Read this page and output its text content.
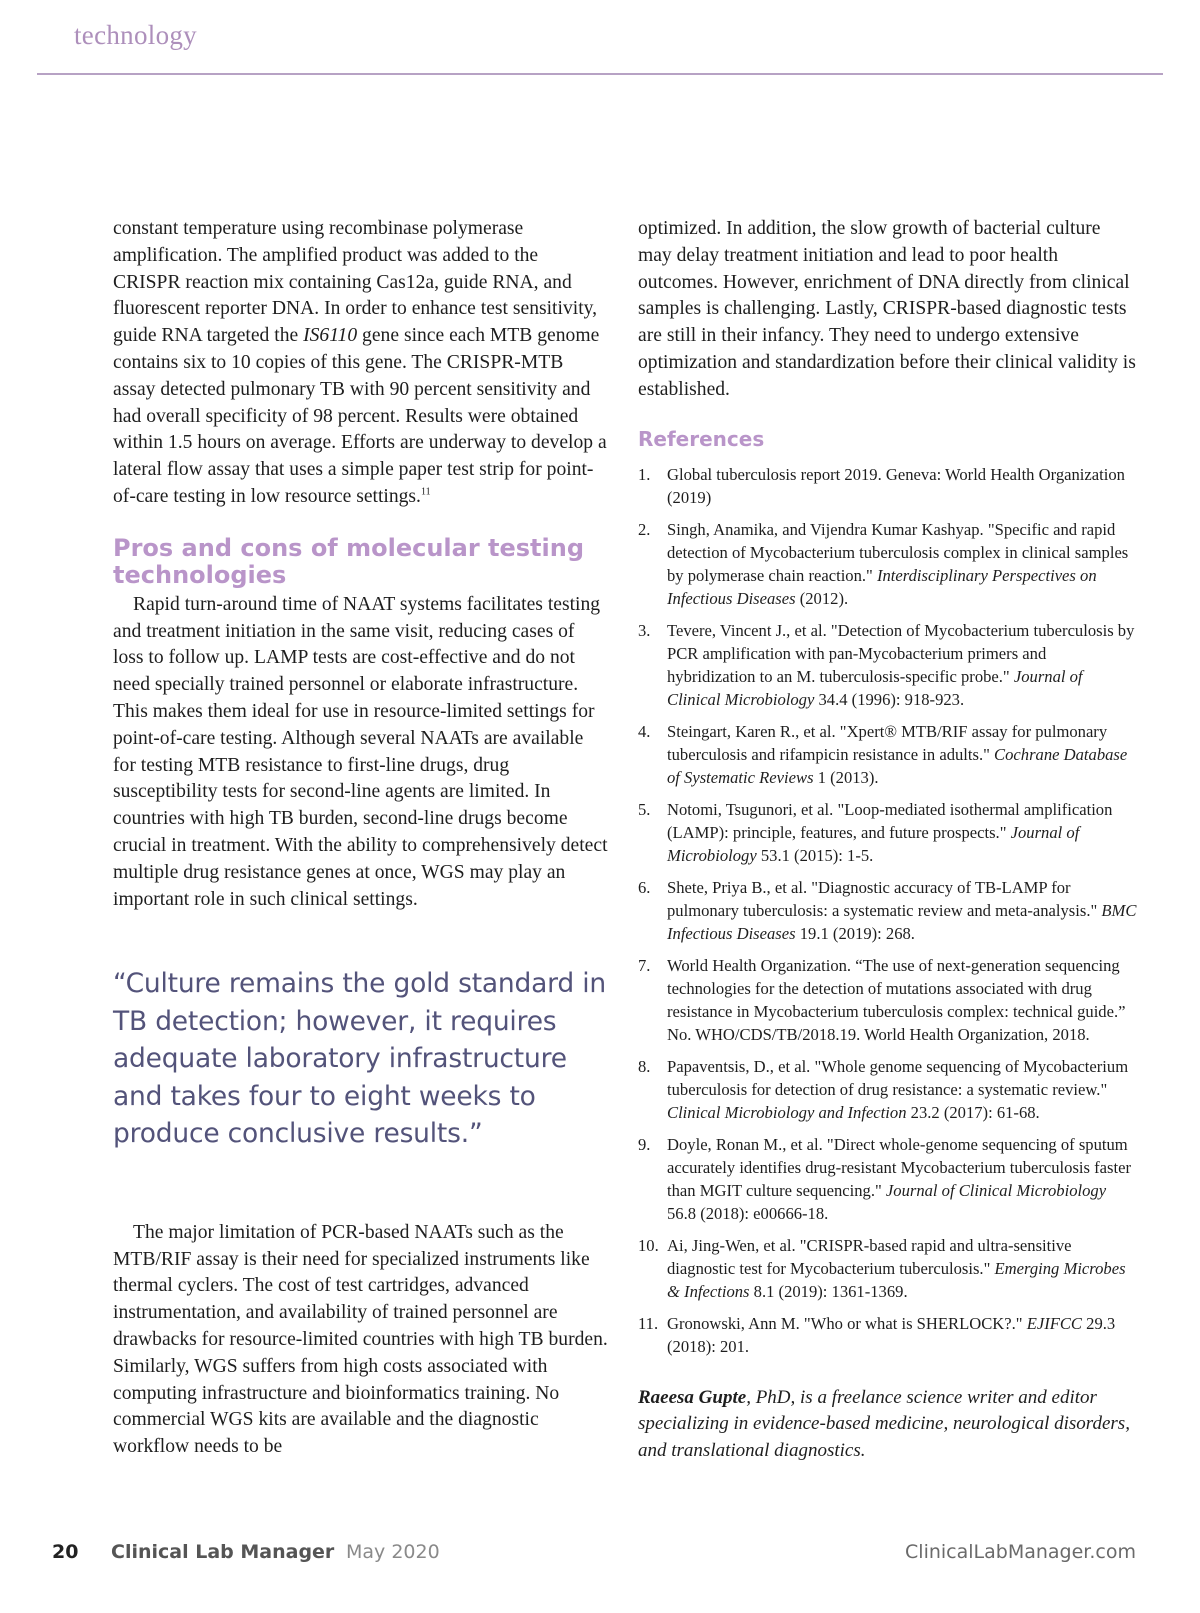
technology

constant temperature using recombinase polymerase amplification. The amplified product was added to the CRISPR reaction mix containing Cas12a, guide RNA, and fluorescent reporter DNA. In order to enhance test sensitivity, guide RNA targeted the IS6110 gene since each MTB genome contains six to 10 copies of this gene. The CRISPR-MTB assay detected pulmonary TB with 90 percent sensitivity and had overall specificity of 98 percent. Results were obtained within 1.5 hours on average. Efforts are underway to develop a lateral flow assay that uses a simple paper test strip for point-of-care testing in low resource settings.$^{11}$

Pros and cons of molecular testing technologies

Rapid turn-around time of NAAT systems facilitates testing and treatment initiation in the same visit, reducing cases of loss to follow up. LAMP tests are cost-effective and do not need specially trained personnel or elaborate infrastructure. This makes them ideal for use in resource-limited settings for point-of-care testing. Although several NAATs are available for testing MTB resistance to first-line drugs, drug susceptibility tests for second-line agents are limited. In countries with high TB burden, second-line drugs become crucial in treatment. With the ability to comprehensively detect multiple drug resistance genes at once, WGS may play an important role in such clinical settings.

“Culture remains the gold standard in TB detection; however, it requires adequate laboratory infrastructure and takes four to eight weeks to produce conclusive results.”

The major limitation of PCR-based NAATs such as the MTB/RIF assay is their need for specialized instruments like thermal cyclers. The cost of test cartridges, advanced instrumentation, and availability of trained personnel are drawbacks for resource-limited countries with high TB burden. Similarly, WGS suffers from high costs associated with computing infrastructure and bioinformatics training. No commercial WGS kits are available and the diagnostic workflow needs to be

optimized. In addition, the slow growth of bacterial culture may delay treatment initiation and lead to poor health outcomes. However, enrichment of DNA directly from clinical samples is challenging. Lastly, CRISPR-based diagnostic tests are still in their infancy. They need to undergo extensive optimization and standardization before their clinical validity is established.

References
1. Global tuberculosis report 2019. Geneva: World Health Organization (2019)
2. Singh, Anamika, and Vijendra Kumar Kashyap. "Specific and rapid detection of Mycobacterium tuberculosis complex in clinical samples by polymerase chain reaction." Interdisciplinary Perspectives on Infectious Diseases (2012).
3. Tevere, Vincent J., et al. "Detection of Mycobacterium tuberculosis by PCR amplification with pan-Mycobacterium primers and hybridization to an M. tuberculosis-specific probe." Journal of Clinical Microbiology 34.4 (1996): 918-923.
4. Steingart, Karen R., et al. "Xpert® MTB/RIF assay for pulmonary tuberculosis and rifampicin resistance in adults." Cochrane Database of Systematic Reviews 1 (2013).
5. Notomi, Tsugunori, et al. "Loop-mediated isothermal amplification (LAMP): principle, features, and future prospects." Journal of Microbiology 53.1 (2015): 1-5.
6. Shete, Priya B., et al. "Diagnostic accuracy of TB-LAMP for pulmonary tuberculosis: a systematic review and meta-analysis." BMC Infectious Diseases 19.1 (2019): 268.
7. World Health Organization. “The use of next-generation sequencing technologies for the detection of mutations associated with drug resistance in Mycobacterium tuberculosis complex: technical guide.” No. WHO/CDS/TB/2018.19. World Health Organization, 2018.
8. Papaventsis, D., et al. "Whole genome sequencing of Mycobacterium tuberculosis for detection of drug resistance: a systematic review." Clinical Microbiology and Infection 23.2 (2017): 61-68.
9. Doyle, Ronan M., et al. "Direct whole-genome sequencing of sputum accurately identifies drug-resistant Mycobacterium tuberculosis faster than MGIT culture sequencing." Journal of Clinical Microbiology 56.8 (2018): e00666-18.
10. Ai, Jing-Wen, et al. "CRISPR-based rapid and ultra-sensitive diagnostic test for Mycobacterium tuberculosis." Emerging Microbes & Infections 8.1 (2019): 1361-1369.
11. Gronowski, Ann M. "Who or what is SHERLOCK?." EJIFCC 29.3 (2018): 201.

Raeesa Gupte, PhD, is a freelance science writer and editor specializing in evidence-based medicine, neurological disorders, and translational diagnostics.

20 Clinical Lab Manager May 2020	ClinicalLabManager.com
